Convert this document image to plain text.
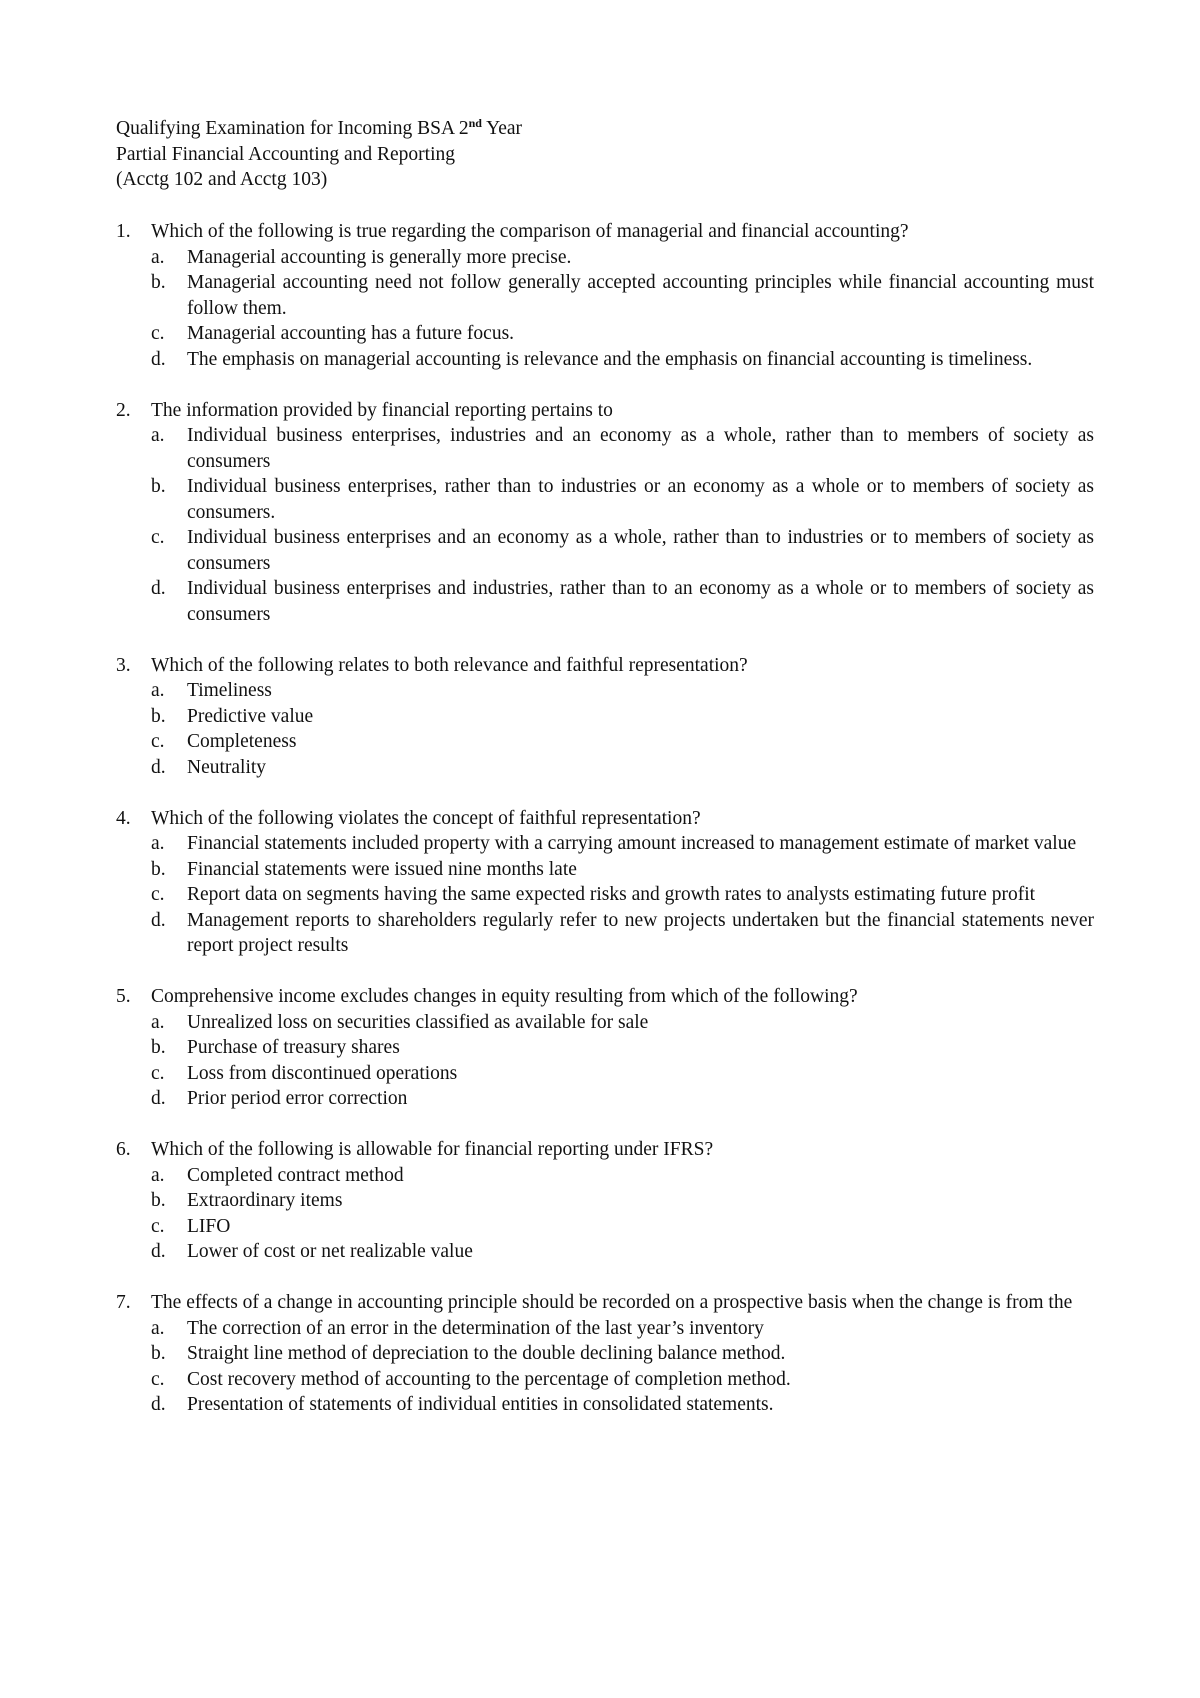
Qualifying Examination for Incoming BSA 2nd Year
Partial Financial Accounting and Reporting
(Acctg 102 and Acctg 103)
1.	Which of the following is true regarding the comparison of managerial and financial accounting?
a.	Managerial accounting is generally more precise.
b.	Managerial accounting need not follow generally accepted accounting principles while financial accounting must follow them.
c.	Managerial accounting has a future focus.
d.	The emphasis on managerial accounting is relevance and the emphasis on financial accounting is timeliness.
2.	The information provided by financial reporting pertains to
a.	Individual business enterprises, industries and an economy as a whole, rather than to members of society as consumers
b.	Individual business enterprises, rather than to industries or an economy as a whole or to members of society as consumers.
c.	Individual business enterprises and an economy as a whole, rather than to industries or to members of society as consumers
d.	Individual business enterprises and industries, rather than to an economy as a whole or to members of society as consumers
3.	Which of the following relates to both relevance and faithful representation?
a.	Timeliness
b.	Predictive value
c.	Completeness
d.	Neutrality
4.	Which of the following violates the concept of faithful representation?
a.	Financial statements included property with a carrying amount increased to management estimate of market value
b.	Financial statements were issued nine months late
c.	Report data on segments having the same expected risks and growth rates to analysts estimating future profit
d.	Management reports to shareholders regularly refer to new projects undertaken but the financial statements never report project results
5.	Comprehensive income excludes changes in equity resulting from which of the following?
a.	Unrealized loss on securities classified as available for sale
b.	Purchase of treasury shares
c.	Loss from discontinued operations
d.	Prior period error correction
6.	Which of the following is allowable for financial reporting under IFRS?
a.	Completed contract method
b.	Extraordinary items
c.	LIFO
d.	Lower of cost or net realizable value
7.	The effects of a change in accounting principle should be recorded on a prospective basis when the change is from the
a.	The correction of an error in the determination of the last year’s inventory
b.	Straight line method of depreciation to the double declining balance method.
c.	Cost recovery method of accounting to the percentage of completion method.
d.	Presentation of statements of individual entities in consolidated statements.
